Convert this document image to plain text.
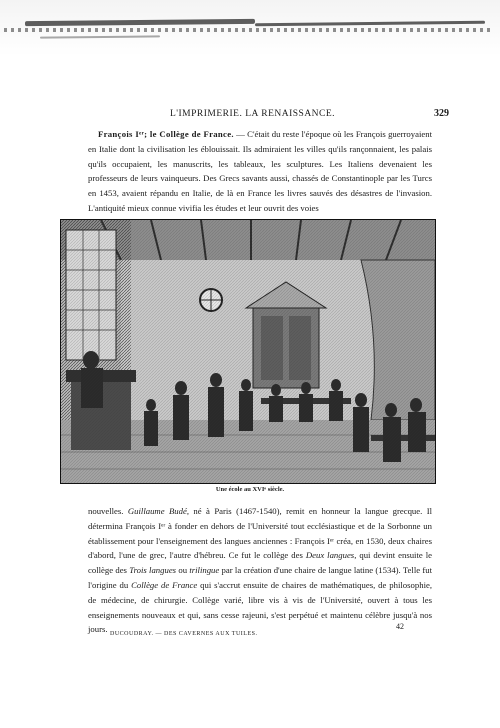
L'IMPRIMERIE. LA RENAISSANCE.	329

François Iᵉʳ; le Collège de France. — C'était du reste l'époque où les François guerroyaient en Italie dont la civilisation les éblouissait. Ils admiraient les villes qu'ils rançonnaient, les palais qu'ils occupaient, les manuscrits, les tableaux, les sculptures. Les Italiens devenaient les professeurs de leurs vainqueurs. Des Grecs savants aussi, chassés de Constantinople par les Turcs en 1453, avaient répandu en Italie, de là en France les livres sauvés des désastres de l'invasion. L'antiquité mieux connue vivifia les études et leur ouvrit des voies

Une école au XVIᵉ siècle.

nouvelles. Guillaume Budé, né à Paris (1467-1540), remit en honneur la langue grecque. Il détermina François Iᵉʳ à fonder en dehors de l'Université tout ecclésiastique et de la Sorbonne un établissement pour l'enseignement des langues anciennes : François Iᵉʳ créa, en 1530, deux chaires d'abord, l'une de grec, l'autre d'hébreu. Ce fut le collège des Deux langues, qui devint ensuite le collège des Trois langues ou trilingue par la création d'une chaire de langue latine (1534). Telle fut l'origine du Collège de France qui s'accrut ensuite de chaires de mathématiques, de philosophie, de médecine, de chirurgie. Collège varié, libre vis à vis de l'Université, ouvert à tous les enseignements nouveaux et qui, sans cesse rajeuni, s'est perpétué et maintenu célèbre jusqu'à nos jours.	42
DUCOUDRAY. — DES CAVERNES AUX TUILES.
